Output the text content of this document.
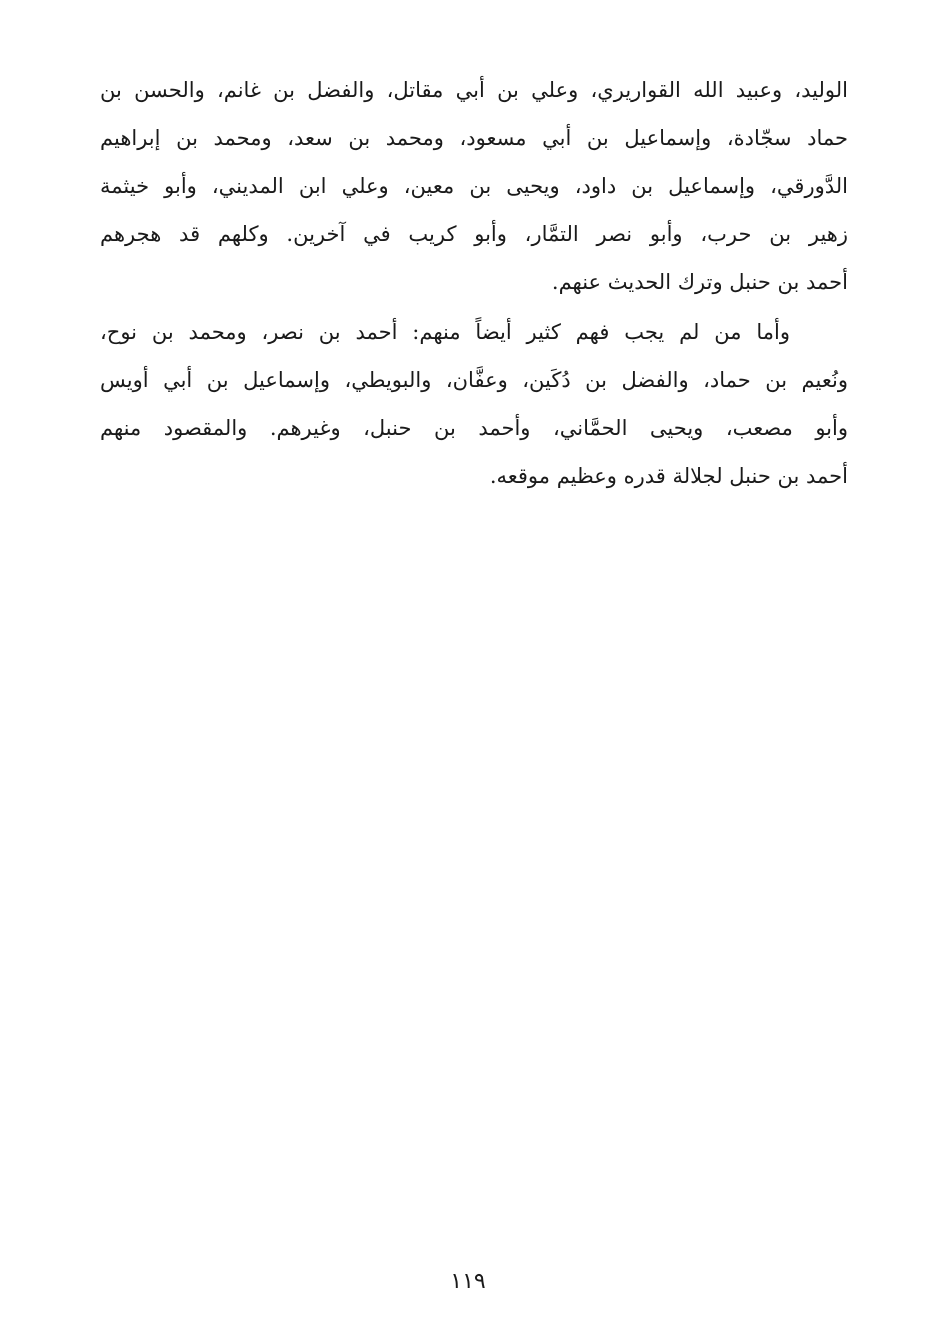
الوليد، وعبيد الله القواريري، وعلي بن أبي مقاتل، والفضل بن غانم، والحسن بن
حماد سجّادة، وإسماعيل بن أبي مسعود، ومحمد بن سعد، ومحمد بن إبراهيم
الدَّورقي، وإسماعيل بن داود، ويحيى بن معين، وعلي ابن المديني، وأبو خيثمة
زهير بن حرب، وأبو نصر التمَّار، وأبو كريب في آخرين. وكلهم قد هجرهم
أحمد بن حنبل وترك الحديث عنهم.
وأما من لم يجب فهم كثير أيضاً منهم: أحمد بن نصر، ومحمد بن نوح،
ونُعيم بن حماد، والفضل بن دُكَين، وعفَّان، والبويطي، وإسماعيل بن أبي أويس
وأبو مصعب، ويحيى الحمَّاني، وأحمد بن حنبل، وغيرهم. والمقصود منهم
أحمد بن حنبل لجلالة قدره وعظيم موقعه.
١١٩
